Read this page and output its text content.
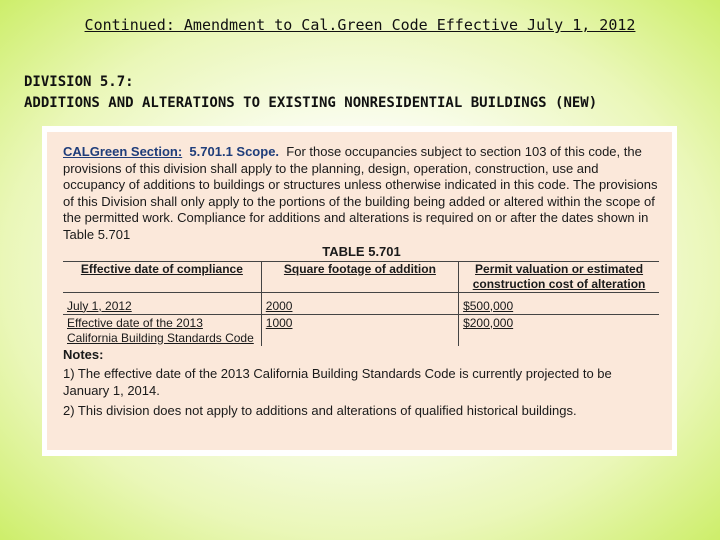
Continued: Amendment to Cal.Green Code Effective July 1, 2012
DIVISION 5.7:
ADDITIONS AND ALTERATIONS TO EXISTING NONRESIDENTIAL BUILDINGS (NEW)

CALGreen Section: 5.701.1 Scope. For those occupancies subject to section 103 of this code, the provisions of this division shall apply to the planning, design, operation, construction, use and occupancy of additions to buildings or structures unless otherwise indicated in this code. The provisions of this Division shall only apply to the portions of the building being added or altered within the scope of the permitted work. Compliance for additions and alterations is required on or after the dates shown in Table 5.701

TABLE 5.701
Effective date of compliance	Square footage of addition	Permit valuation or estimated construction cost of alteration
July 1, 2012	2000	$500,000
Effective date of the 2013 California Building Standards Code	1000	$200,000
Notes:

1) The effective date of the 2013 California Building Standards Code is currently projected to be January 1, 2014.

2) This division does not apply to additions and alterations of qualified historical buildings.
